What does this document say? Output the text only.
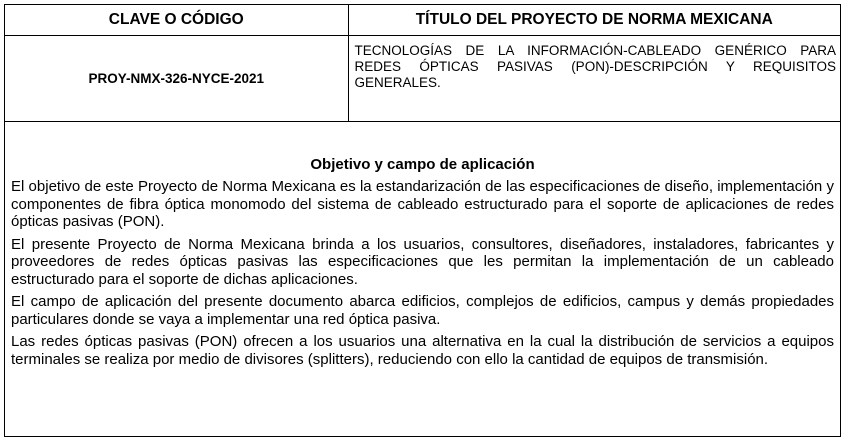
CLAVE O CÓDIGO	TÍTULO DEL PROYECTO DE NORMA MEXICANA
PROY-NMX-326-NYCE-2021	TECNOLOGÍAS DE LA INFORMACIÓN-CABLEADO GENÉRICO PARA REDES ÓPTICAS PASIVAS (PON)-DESCRIPCIÓN Y REQUISITOS GENERALES.
Objetivo y campo de aplicación

El objetivo de este Proyecto de Norma Mexicana es la estandarización de las especificaciones de diseño, implementación y componentes de fibra óptica monomodo del sistema de cableado estructurado para el soporte de aplicaciones de redes ópticas pasivas (PON).

El presente Proyecto de Norma Mexicana brinda a los usuarios, consultores, diseñadores, instaladores, fabricantes y proveedores de redes ópticas pasivas las especificaciones que les permitan la implementación de un cableado estructurado para el soporte de dichas aplicaciones.

El campo de aplicación del presente documento abarca edificios, complejos de edificios, campus y demás propiedades particulares donde se vaya a implementar una red óptica pasiva.

Las redes ópticas pasivas (PON) ofrecen a los usuarios una alternativa en la cual la distribución de servicios a equipos terminales se realiza por medio de divisores (splitters), reduciendo con ello la cantidad de equipos de transmisión.
